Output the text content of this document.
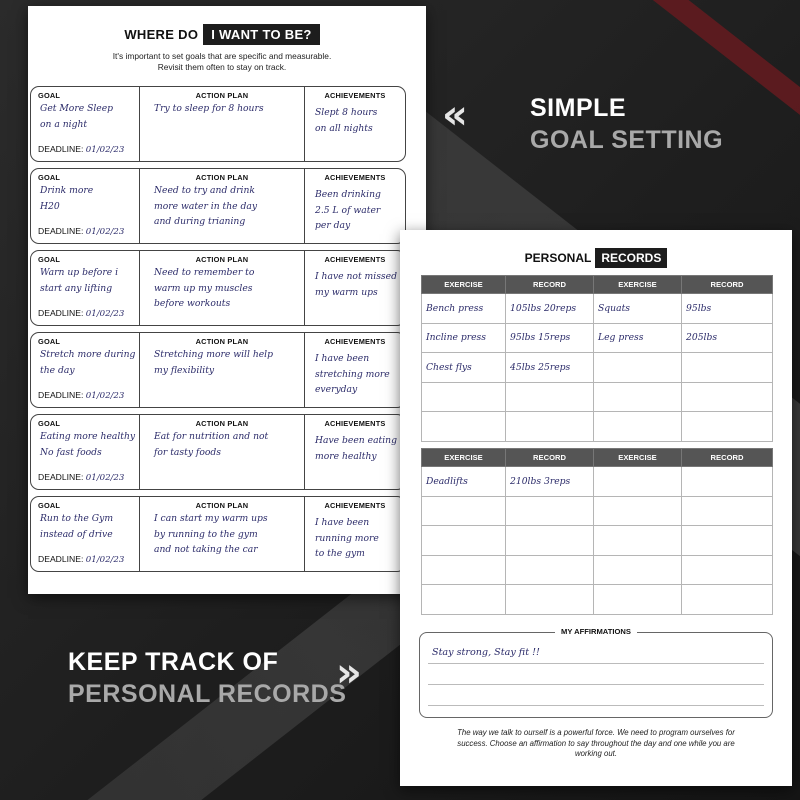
WHERE DO	I WANT TO BE?
It's important to set goals that are specific and measurable.
Revisit them often to stay on track.
GOAL
Get More Sleep
on a night
DEADLINE: 01/02/23
ACTION PLAN
Try to sleep for 8 hours
ACHIEVEMENTS
Slept 8 hours
on all nights
GOAL
Drink more
H20
DEADLINE: 01/02/23
ACTION PLAN
Need to try and drink
more water in the day
and during trianing
ACHIEVEMENTS
Been drinking
2.5 L of water
per day
GOAL
Warn up before i
start any lifting
DEADLINE: 01/02/23
ACTION PLAN
Need to remember to
warm up my muscles
before workouts
ACHIEVEMENTS
I have not missed
my warm ups
GOAL
Stretch more during
the day
DEADLINE: 01/02/23
ACTION PLAN
Stretching more will help
my flexibility
ACHIEVEMENTS
I have been
stretching more
everyday
GOAL
Eating more healthy
No fast foods
DEADLINE: 01/02/23
ACTION PLAN
Eat for nutrition and not
for tasty foods
ACHIEVEMENTS
Have been eating
more healthy
GOAL
Run to the Gym
instead of drive
DEADLINE: 01/02/23
ACTION PLAN
I can start my warm ups
by running to the gym
and not taking the car
ACHIEVEMENTS
I have been
running more
to the gym
PERSONAL RECORDS
EXERCISE	RECORD	EXERCISE	RECORD
Bench press	105lbs 20reps	Squats	95lbs
Incline press	95lbs 15reps	Leg press	205lbs
Chest flys	45lbs 25reps		

EXERCISE	RECORD	EXERCISE	RECORD
Deadlifts	210lbs 3reps		

MY AFFIRMATIONS
Stay strong, Stay fit !!
The way we talk to ourself is a powerful force. We need to program ourselves for
success. Choose an affirmation to say throughout the day and one while you are
working out.
«	SIMPLE
GOAL SETTING
KEEP TRACK OF
PERSONAL RECORDS
»
